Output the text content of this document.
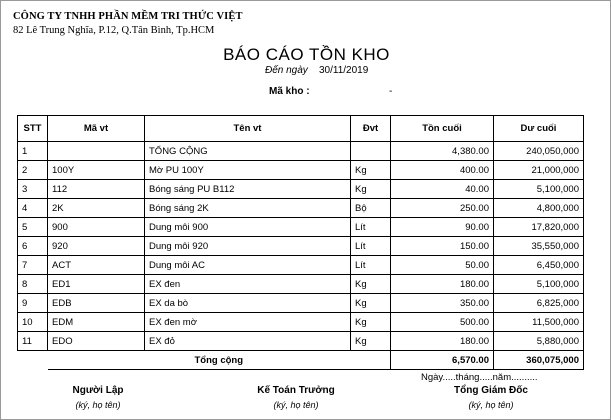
CÔNG TY TNHH PHẦN MỀM TRI THỨC VIỆT
82 Lê Trung Nghĩa, P.12, Q.Tân Bình, Tp.HCM
BÁO CÁO TỒN KHO
Đến ngày 30/11/2019
Mã kho :	-
STT	Mã vt	Tên vt	Đvt	Tồn cuối	Dư cuối
1		TỔNG CỘNG		4,380.00	240,050,000
2	100Y	Mờ PU 100Y	Kg	400.00	21,000,000
3	112	Bóng sáng PU B112	Kg	40.00	5,100,000
4	2K	Bóng sáng 2K	Bộ	250.00	4,800,000
5	900	Dung môi 900	Lít	90.00	17,820,000
6	920	Dung môi 920	Lít	150.00	35,550,000
7	ACT	Dung môi AC	Lít	50.00	6,450,000
8	ED1	EX đen	Kg	180.00	5,100,000
9	EDB	EX da bò	Kg	350.00	6,825,000
10	EDM	EX đen mờ	Kg	500.00	11,500,000
11	EDO	EX đỏ	Kg	180.00	5,880,000
	Tổng cộng			6,570.00	360,075,000
Ngày.....tháng.....năm..........
Người Lập
(ký, họ tên)
Kế Toán Trưởng
(ký, họ tên)
Tổng Giám Đốc
(ký, họ tên)
